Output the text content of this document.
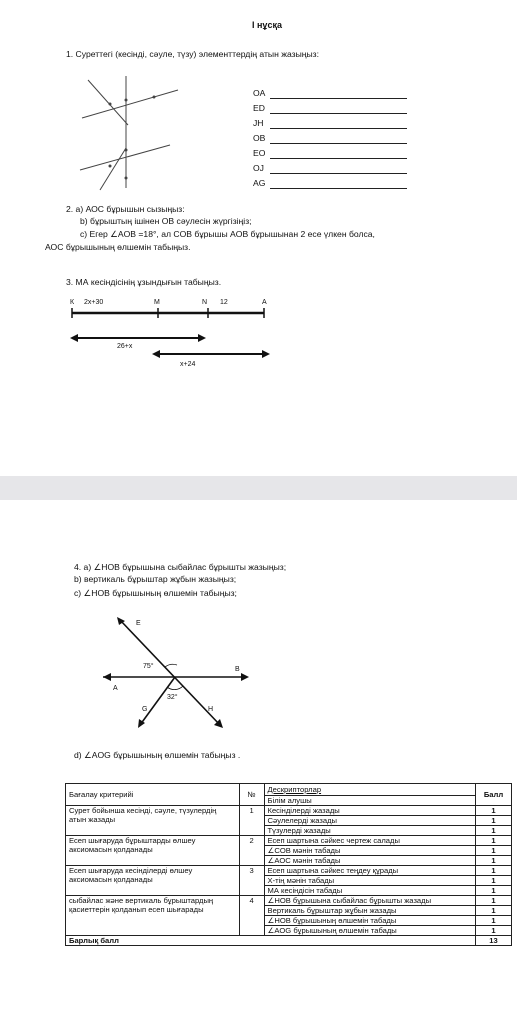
I нұсқа
1. Суреттегі (кесінді, сәуле, түзу) элементтердің атын жазыңыз:
OA
ED
JH
OB
EO
OJ
AG
2. а) АОС бұрышын сызыңыз:
b) бұрыштың ішінен OB сәулесін жүргізіңіз;
c) Егер ∠AOB =18°, ал COB бұрышы AOB бұрышынан 2 есе үлкен болса,
АОС бұрышының өлшемін табыңыз.
3. МА кесіндісінің ұзындығын табыңыз.
К 2х+30	M	N 12	A
26+х
х+24
4. а) ∠HOB бұрышына сыбайлас бұрышты жазыңыз;
b) вертикаль бұрыштар жұбын жазыңыз;
c) ∠HOB бұрышының өлшемін табыңыз;
E
B
A
G	H
75°
32°
d) ∠AOG бұрышының өлшемін табыңыз .
Бағалау критерийі	№	Дескрипторлар	Балл
		Білім алушы	
Сурет бойынша кесінді, сәуле, түзулердің атын жазады	1	Кесінділерді жазады	1
		Сәулелерді жазады	1
		Түзулерді жазады	1
Есеп шығаруда бұрыштарды өлшеу аксиомасын қолданады	2	Есеп шартына сәйкес чертеж салады	1
		∠COB мәнін табады	1
		∠AOC мәнін табады	1
Есеп шығаруда кесінділерді өлшеу аксиомасын қолданады	3	Есеп шартына сәйкес теңдеу құрады	1
		Х-тің мәнін табады	1
		МА кесіндісін табады	1
сыбайлас және вертикаль бұрыштардың қасиеттерін қолданып есеп шығарады	4	∠HOB бұрышына сыбайлас бұрышты жазады	1
		Вертикаль бұрыштар жұбын жазады	1
		∠HOB бұрышының өлшемін табады	1
		∠AOG бұрышының өлшемін табады	1
Барлық балл			13
